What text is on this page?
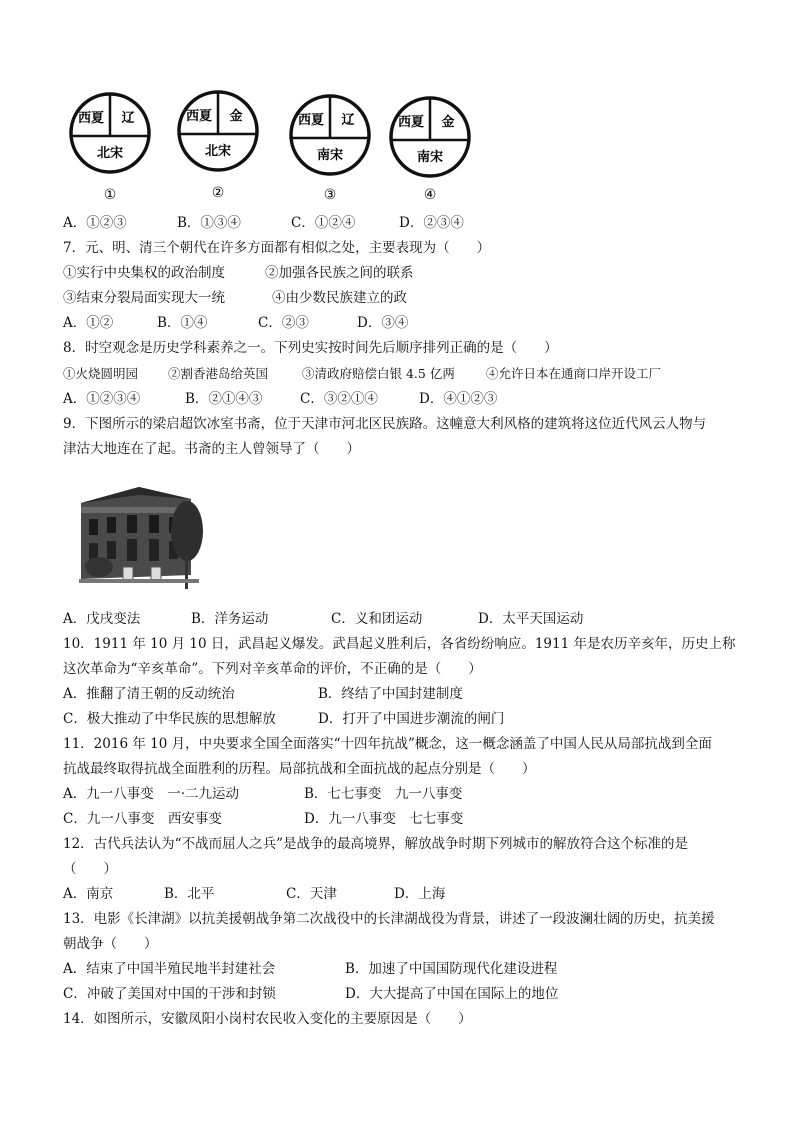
西夏 辽
北宋
①
西夏 金
北宋
②
西夏 辽
南宋
③
西夏 金
南宋
④
A．①②③	B．①③④	C．①②④	D．②③④
7．元、明、清三个朝代在许多方面都有相似之处，主要表现为（　　）
①实行中央集权的政治制度	②加强各民族之间的联系
③结束分裂局面实现大一统	④由少数民族建立的政
A．①②	B．①④	C．②③	D．③④
8．时空观念是历史学科素养之一。下列史实按时间先后顺序排列正确的是（　　）
①火烧圆明园 ②割香港岛给英国	③清政府赔偿白银 4.5 亿两 ④允许日本在通商口岸开设工厂
A．①②③④	B．②①④③	C．③②①④	D．④①②③
9．下图所示的梁启超饮冰室书斋，位于天津市河北区民族路。这幢意大利风格的建筑将这位近代风云人物与
津沽大地连在了起。书斋的主人曾领导了（　　）
A．戊戌变法	B．洋务运动	C．义和团运动	D．太平天国运动
10．1911 年 10 月 10 日，武昌起义爆发。武昌起义胜利后，各省纷纷响应。1911 年是农历辛亥年，历史上称
这次革命为“辛亥革命”。下列对辛亥革命的评价，不正确的是（　　）
A．推翻了清王朝的反动统治	B．终结了中国封建制度
C．极大推动了中华民族的思想解放	D．打开了中国进步潮流的闸门
11．2016 年 10 月，中央要求全国全面落实“十四年抗战”概念，这一概念涵盖了中国人民从局部抗战到全面
抗战最终取得抗战全面胜利的历程。局部抗战和全面抗战的起点分别是（　　）
A．九一八事变　一·二九运动	B．七七事变　九一八事变
C．九一八事变　西安事变	D．九一八事变　七七事变
12．古代兵法认为“不战而屈人之兵”是战争的最高境界，解放战争时期下列城市的解放符合这个标准的是
（　　）
A．南京	B．北平	C．天津	D．上海
13．电影《长津湖》以抗美援朝战争第二次战役中的长津湖战役为背景，讲述了一段波澜壮阔的历史，抗美援
朝战争（　　）
A．结束了中国半殖民地半封建社会	B．加速了中国国防现代化建设进程
C．冲破了美国对中国的干涉和封锁	D．大大提高了中国在国际上的地位
14．如图所示，安徽凤阳小岗村农民收入变化的主要原因是（　　）
